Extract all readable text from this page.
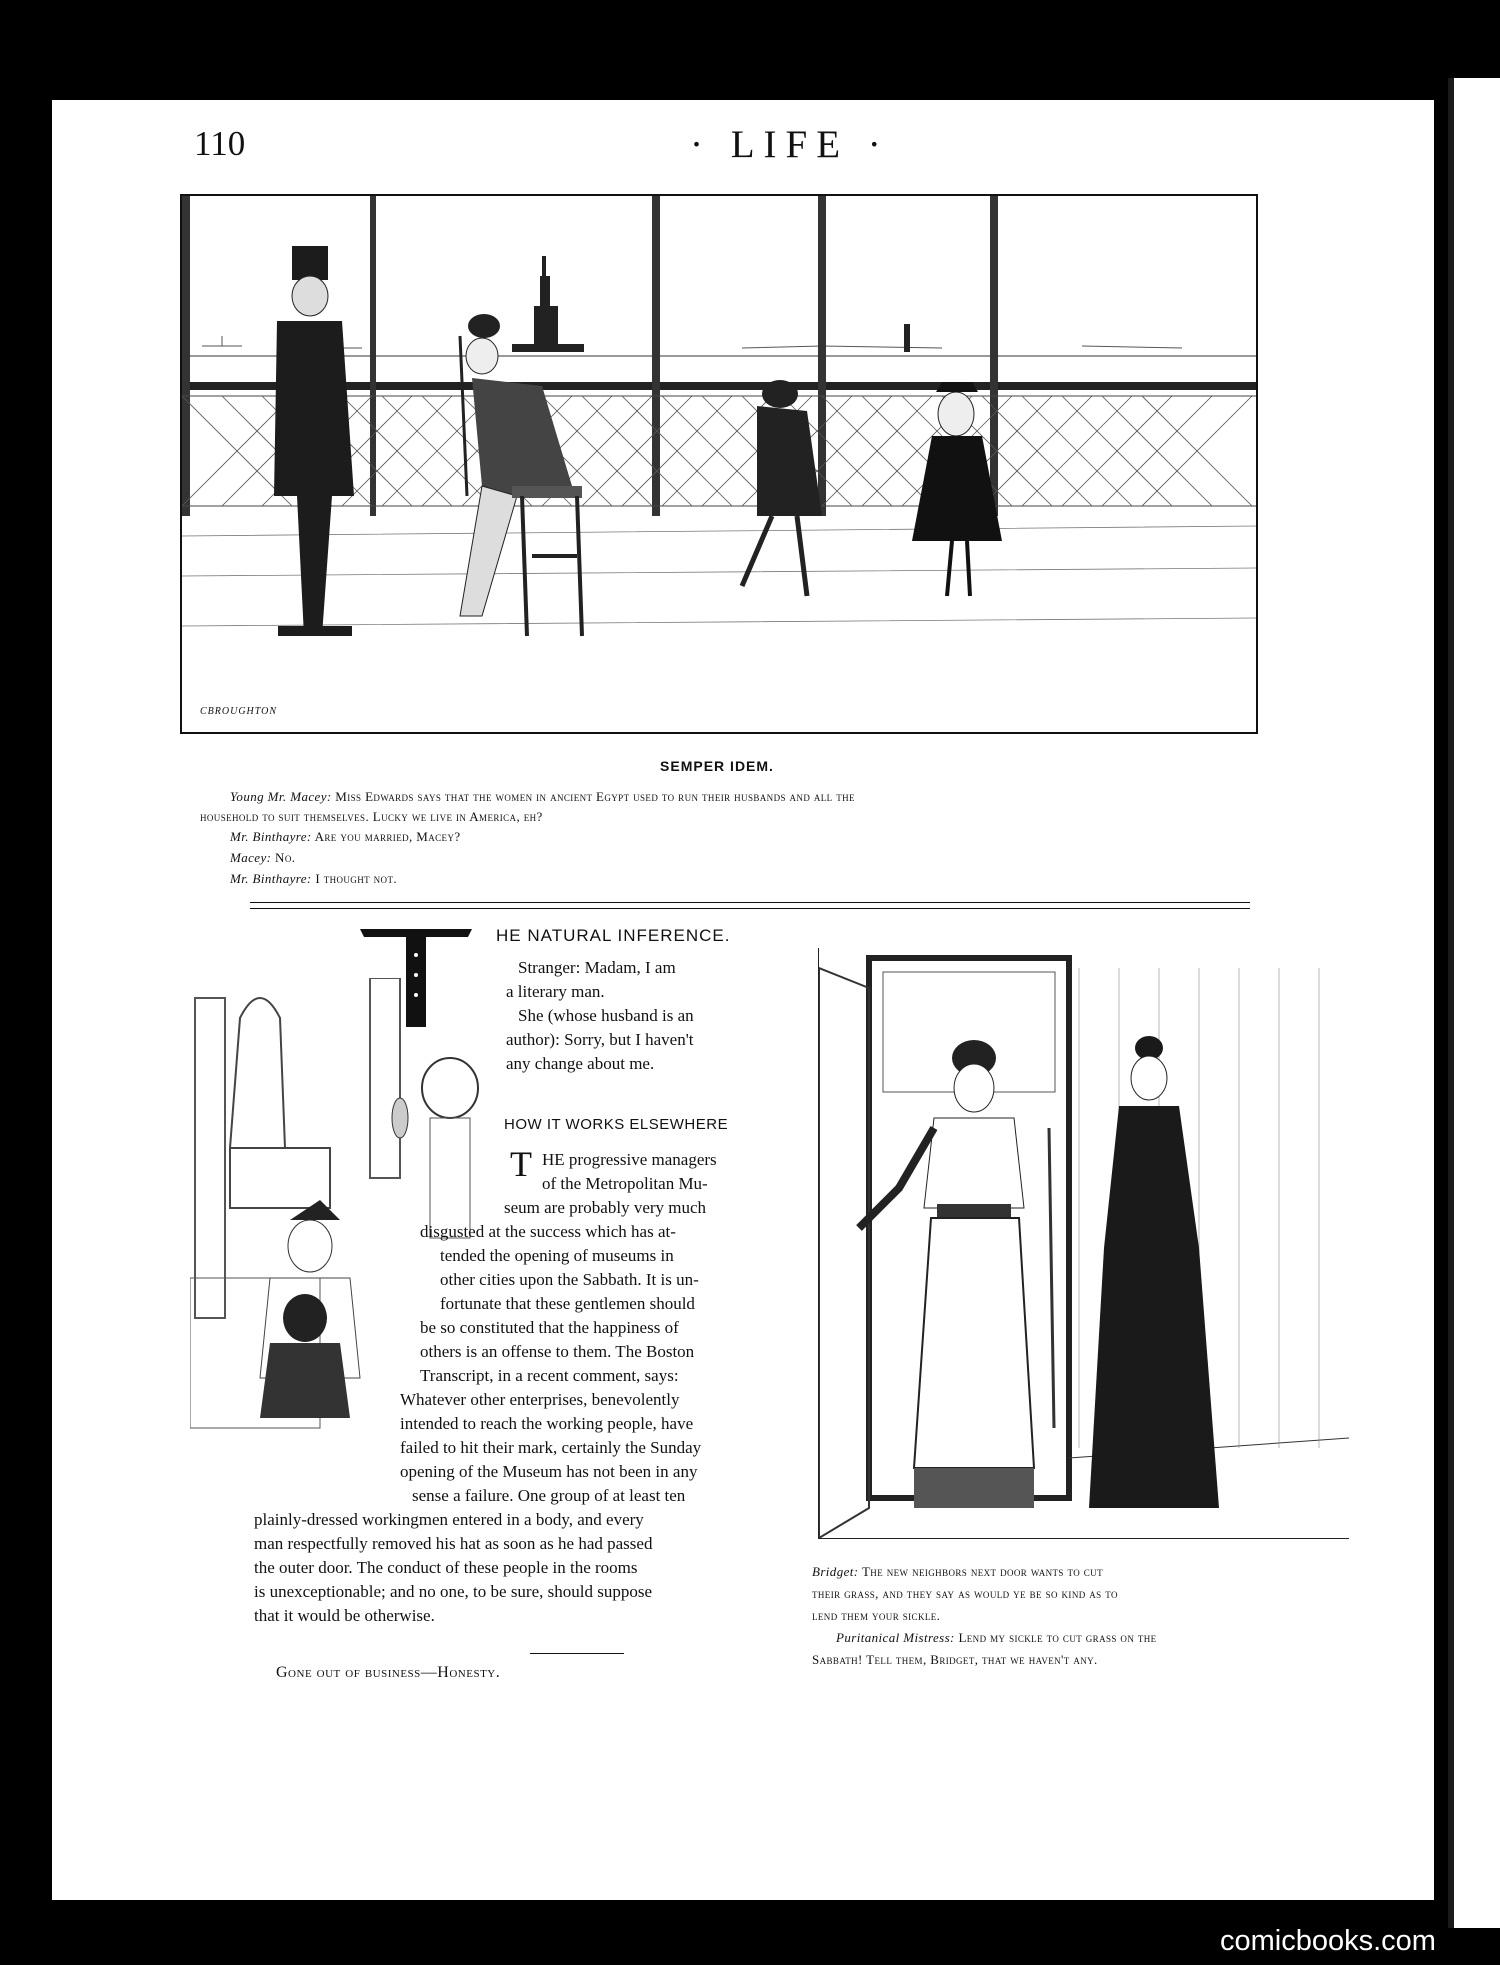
110	· LIFE ·
CBROUGHTON
SEMPER IDEM.
Young Mr. Macey: Miss Edwards says that the women in ancient Egypt used to run their husbands and all the
household to suit themselves. Lucky we live in America, eh?
Mr. Binthayre: Are you married, Macey?
Macey: No.
Mr. Binthayre: I thought not.
HE NATURAL INFERENCE.
Stranger: Madam, I am
a literary man.
She (whose husband is an
author): Sorry, but I haven't
any change about me.
HOW IT WORKS ELSEWHERE
T HE progressive managers
of the Metropolitan Mu-
seum are probably very much
disgusted at the success which has at-
tended the opening of museums in
other cities upon the Sabbath. It is un-
fortunate that these gentlemen should
be so constituted that the happiness of
others is an offense to them. The Boston
Transcript, in a recent comment, says:
Whatever other enterprises, benevolently
intended to reach the working people, have
failed to hit their mark, certainly the Sunday
opening of the Museum has not been in any
sense a failure. One group of at least ten
plainly-dressed workingmen entered in a body, and every
man respectfully removed his hat as soon as he had passed
the outer door. The conduct of these people in the rooms
is unexceptionable; and no one, to be sure, should suppose
that it would be otherwise.
Gone out of business—Honesty.
Bridget: The new neighbors next door wants to cut
their grass, and they say as would ye be so kind as to
lend them your sickle.
Puritanical Mistress: Lend my sickle to cut grass on the
Sabbath! Tell them, Bridget, that we haven't any.
comicbooks.com
